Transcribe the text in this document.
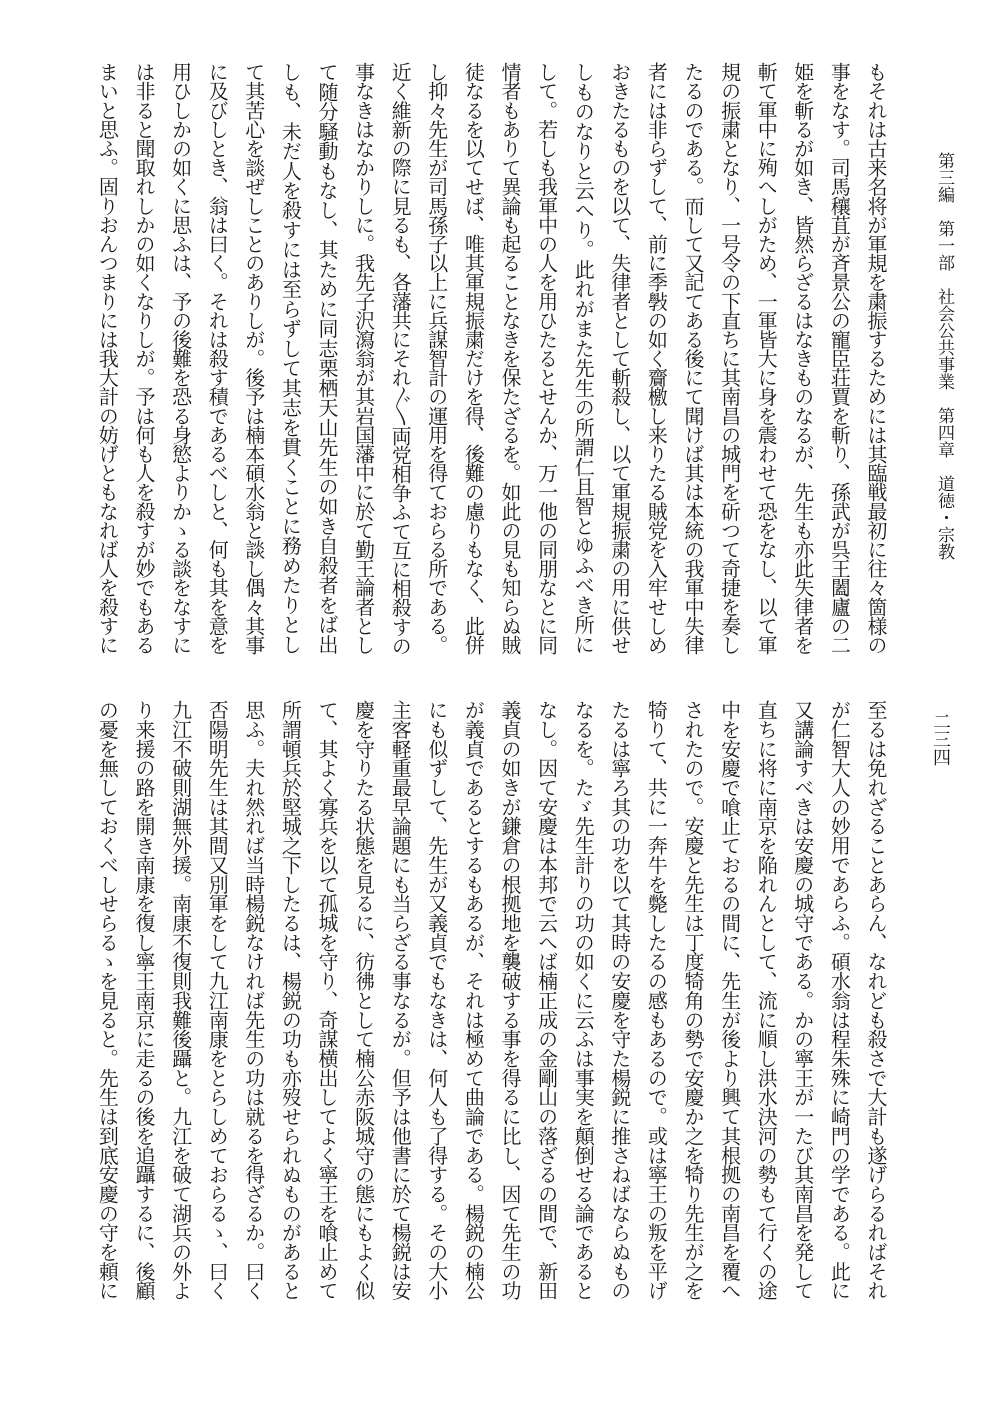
第三編　第一部　社会公共事業　第四章　道徳・宗教
二三四
もそれは古来名将が軍規を粛振するためには其臨戦最初に往々箇様の
事をなす。司馬穰苴が斉景公の寵臣荘賈を斬り、孫武が呉王闔廬の二
姫を斬るが如き、皆然らざるはなきものなるが、先生も亦此失律者を
斬て軍中に殉へしがため、一軍皆大に身を震わせて恐をなし、以て軍
規の振粛となり、一号令の下直ちに其南昌の城門を斫つて奇捷を奏し
たるのである。而して又記てある後にて聞けば其は本統の我軍中失律
者には非らずして、前に季斅の如く齎檄し来りたる賊党を入牢せしめ
おきたるものを以て、失律者として斬殺し、以て軍規振粛の用に供せ
しものなりと云へり。此れがまた先生の所謂仁且智とゆふべき所に
して。若しも我軍中の人を用ひたるとせんか、万一他の同朋なとに同
情者もありて異論も起ることなきを保たざるを。如此の見も知らぬ賊
徒なるを以てせば、唯其軍規振粛だけを得、後難の慮りもなく、此併
し抑々先生が司馬孫子以上に兵謀智計の運用を得ておらる所である。
近く維新の際に見るも、各藩共にそれ〴〵両党相争ふて互に相殺すの
事なきはなかりしに。我先子沢瀉翁が其岩国藩中に於て勤王論者とし
て随分騒動もなし、其ために同志栗栖天山先生の如き自殺者をば出
しも、未だ人を殺すには至らずして其志を貫くことに務めたりとし
て其苦心を談ぜしことのありしが。後予は楠本碩水翁と談し偶々其事
に及びしとき、翁は曰く。それは殺す積であるべしと、何も其を意を
用ひしかの如くに思ふは、予の後難を恐る身慾よりかゝる談をなすに
は非ると聞取れしかの如くなりしが。予は何も人を殺すが妙でもある
まいと思ふ。固りおんつまりには我大計の妨げともなれば人を殺すに
至るは免れざることあらん、なれども殺さで大計も遂げらるればそれ
が仁智大人の妙用であらふ。碩水翁は程朱殊に崎門の学である。此に
又講論すべきは安慶の城守である。かの寧王が一たび其南昌を発して
直ちに将に南京を陥れんとして、流に順し洪水決河の勢もて行くの途
中を安慶で喰止ておるの間に、先生が後より興て其根拠の南昌を覆へ
されたので。安慶と先生は丁度犄角の勢で安慶か之を犄り先生が之を
犄りて、共に一奔牛を斃したるの感もあるので。或は寧王の叛を平げ
たるは寧ろ其の功を以て其時の安慶を守た楊鋭に推さねばならぬもの
なるを。たゞ先生計りの功の如くに云ふは事実を顛倒せる論であると
なし。因て安慶は本邦で云へば楠正成の金剛山の落ざるの間で、新田
義貞の如きが鎌倉の根拠地を襲破する事を得るに比し、因て先生の功
が義貞であるとするもあるが、それは極めて曲論である。楊鋭の楠公
にも似ずして、先生が又義貞でもなきは、何人も了得する。その大小
主客軽重最早論題にも当らざる事なるが。但予は他書に於て楊鋭は安
慶を守りたる状態を見るに、彷彿として楠公赤阪城守の態にもよく似
て、其よく寡兵を以て孤城を守り、奇謀横出してよく寧王を喰止めて
所謂頓兵於堅城之下したるは、楊鋭の功も亦歿せられぬものがあると
思ふ。夫れ然れば当時楊鋭なければ先生の功は就るを得ざるか。曰く
否陽明先生は其間又別軍をして九江南康をとらしめておらるゝ、曰く
九江不破則湖無外援。南康不復則我難後躡と。九江を破て湖兵の外よ
り来援の路を開き南康を復し寧王南京に走るの後を追躡するに、後顧
の憂を無しておくべしせらるゝを見ると。先生は到底安慶の守を頼に
